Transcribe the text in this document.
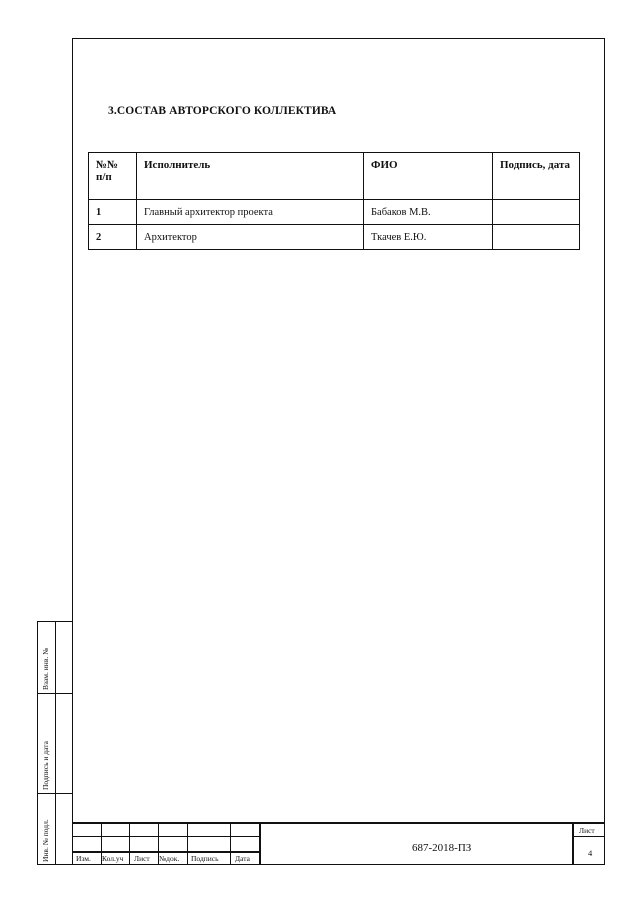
Взам. инв. №
Подпись и дата
Инв. № подл.
3.СОСТАВ АВТОРСКОГО КОЛЛЕКТИВА
№№ п/п	Исполнитель	ФИО	Подпись, дата
1	Главный архитектор проекта	Бабаков М.В.	
2	Архитектор	Ткачев Е.Ю.	
Изм. Кол.уч Лист №док. Подпись Дата
687-2018-ПЗ
Лист
4
